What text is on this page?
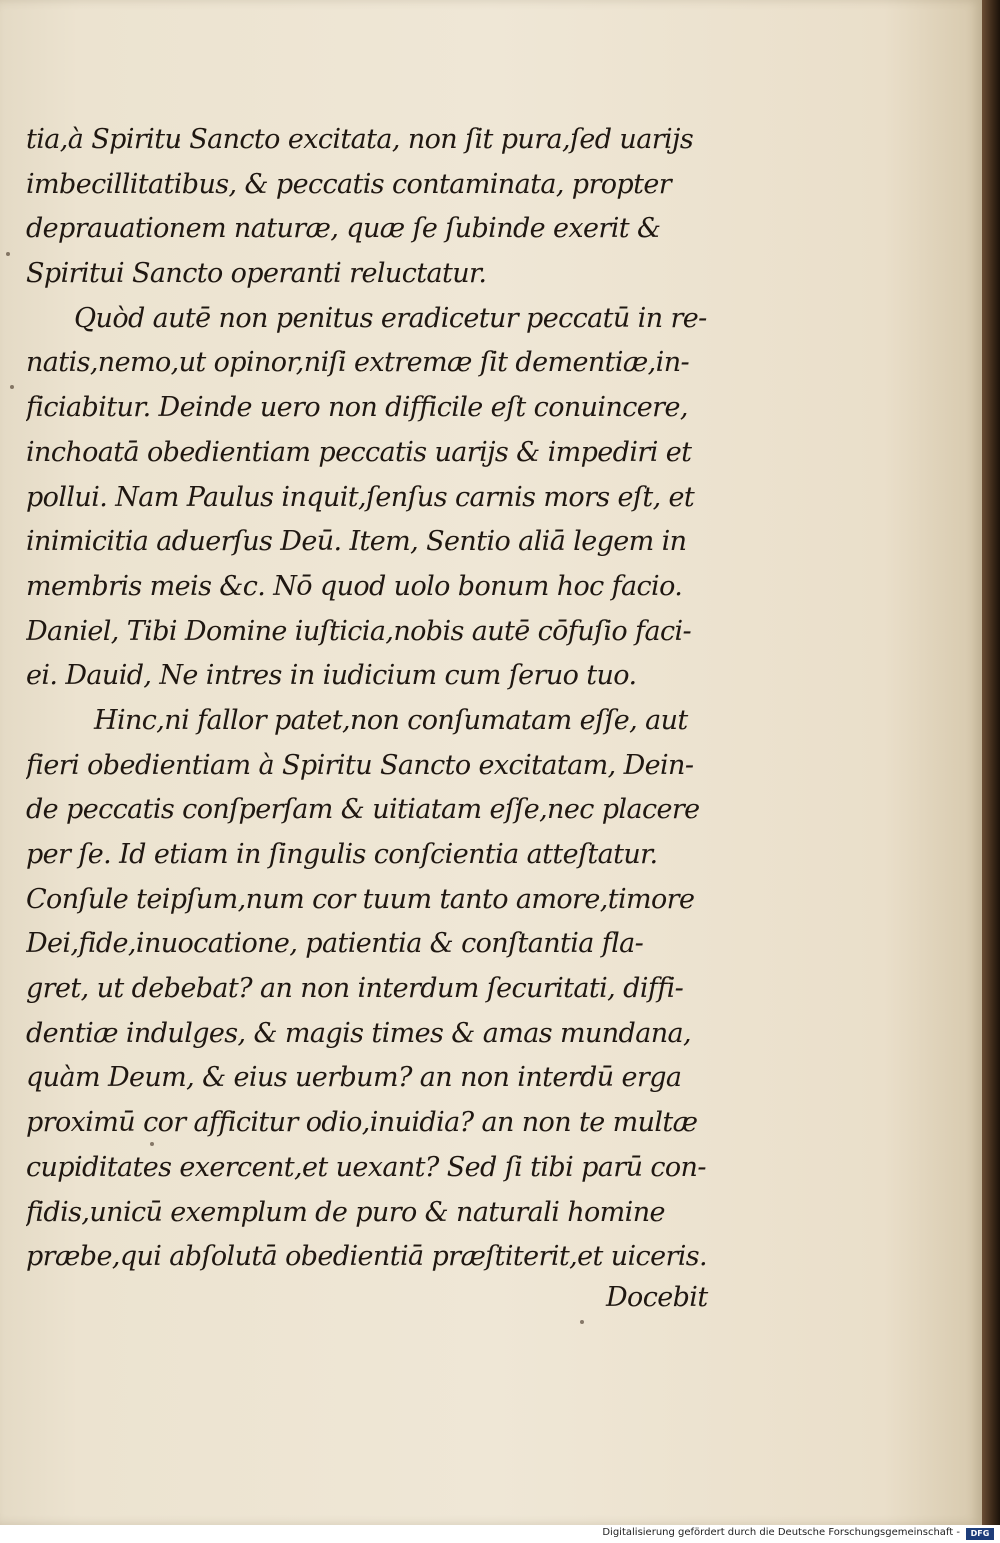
tia,à Spiritu Sancto excitata, non ſit pura,ſed uarijs
imbecillitatibus, & peccatis contaminata, propter
deprauationem naturæ, quæ ſe ſubinde exerit &
Spiritui Sancto operanti reluctatur.
Quòd autē non penitus eradicetur peccatū in re-
natis,nemo,ut opinor,niſi extremæ ſit dementiæ,in-
ficiabitur. Deinde uero non difficile eſt conuincere,
inchoatā obedientiam peccatis uarijs & impediri et
pollui. Nam Paulus inquit,ſenſus carnis mors eſt, et
inimicitia aduerſus Deū. Item, Sentio aliā legem in
membris meis &c. Nō quod uolo bonum hoc facio.
Daniel, Tibi Domine iuſticia,nobis autē cōfuſio faci-
ei. Dauid, Ne intres in iudicium cum ſeruo tuo.
Hinc,ni fallor patet,non conſumatam eſſe, aut
fieri obedientiam à Spiritu Sancto excitatam, Dein-
de peccatis conſperſam & uitiatam eſſe,nec placere
per ſe. Id etiam in ſingulis conſcientia atteſtatur.
Conſule teipſum,num cor tuum tanto amore,timore
Dei,fide,inuocatione, patientia & conſtantia fla-
gret, ut debebat? an non interdum ſecuritati, diffi-
dentiæ indulges, & magis times & amas mundana,
quàm Deum, & eius uerbum? an non interdū erga
proximū cor afficitur odio,inuidia? an non te multæ
cupiditates exercent,et uexant? Sed ſi tibi parū con-
fidis,unicū exemplum de puro & naturali homine
præbe,qui abſolutā obedientiā præſtiterit,et uiceris.
Docebit
Digitalisierung gefördert durch die Deutsche Forschungsgemeinschaft -	DFG
